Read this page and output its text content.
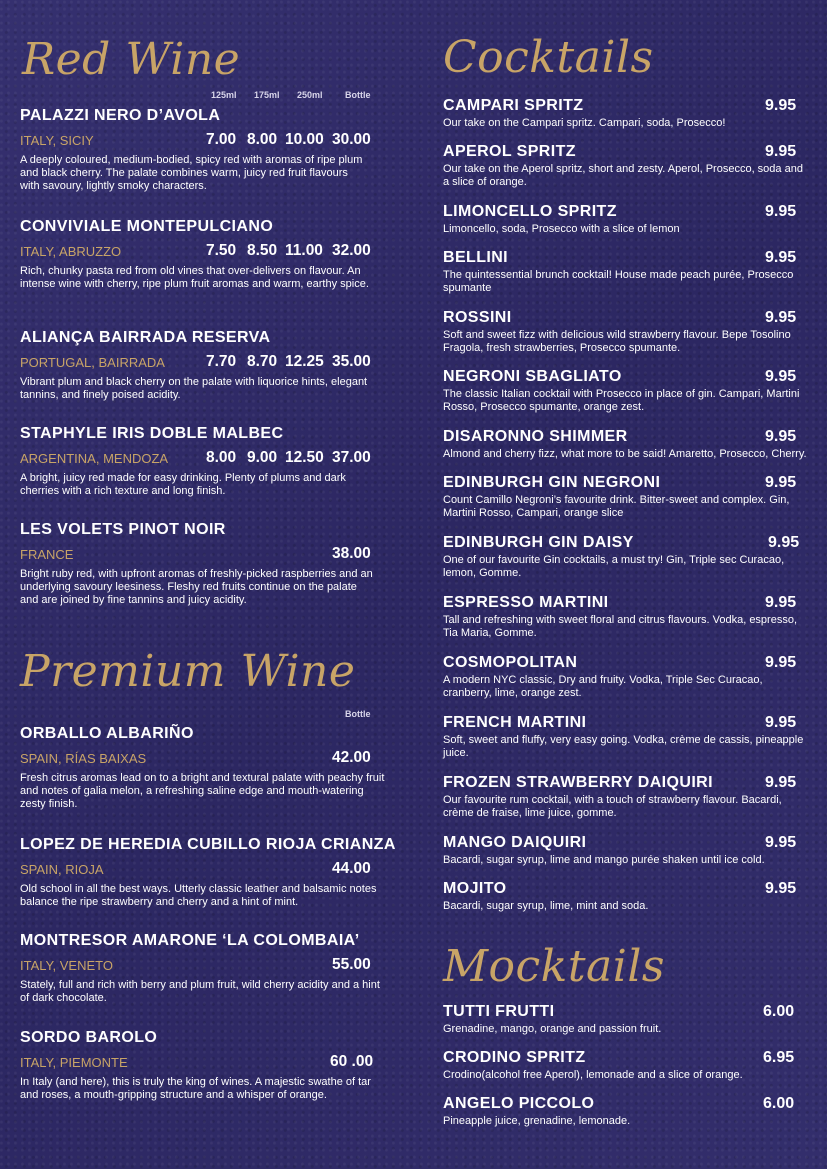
Red Wine
125ml 175ml 250ml Bottle
PALAZZI NERO D’AVOLA
ITALY, SICIY	7.00 8.00 10.00 30.00
A deeply coloured, medium-bodied, spicy red with aromas of ripe plum and black cherry. The palate combines warm, juicy red fruit flavours with savoury, lightly smoky characters.
CONVIVIALE MONTEPULCIANO
ITALY, ABRUZZO	7.50 8.50 11.00 32.00
Rich, chunky pasta red from old vines that over-delivers on flavour. An intense wine with cherry, ripe plum fruit aromas and warm, earthy spice.
ALIANÇA BAIRRADA RESERVA
PORTUGAL, BAIRRADA	7.70 8.70 12.25 35.00
Vibrant plum and black cherry on the palate with liquorice hints, elegant tannins, and finely poised acidity.
STAPHYLE IRIS DOBLE MALBEC
ARGENTINA, MENDOZA 8.00 9.00 12.50 37.00
A bright, juicy red made for easy drinking. Plenty of plums and dark cherries with a rich texture and long finish.
LES VOLETS PINOT NOIR
FRANCE	38.00
Bright ruby red, with upfront aromas of freshly-picked raspberries and an underlying savoury leesiness. Fleshy red fruits continue on the palate and are joined by fine tannins and juicy acidity.
Premium Wine
Bottle
ORBALLO ALBARIÑO
SPAIN, RÍAS BAIXAS	42.00
Fresh citrus aromas lead on to a bright and textural palate with peachy fruit and notes of galia melon, a refreshing saline edge and mouth-watering zesty finish.
LOPEZ DE HEREDIA CUBILLO RIOJA CRIANZA
SPAIN, RIOJA	44.00
Old school in all the best ways. Utterly classic leather and balsamic notes balance the ripe strawberry and cherry and a hint of mint.
MONTRESOR AMARONE ‘LA COLOMBAIA’
ITALY, VENETO	55.00
Stately, full and rich with berry and plum fruit, wild cherry acidity and a hint of dark chocolate.
SORDO BAROLO
ITALY, PIEMONTE	60 .00
In Italy (and here), this is truly the king of wines. A majestic swathe of tar and roses, a mouth-gripping structure and a whisper of orange.
Cocktails
CAMPARI SPRITZ	9.95
Our take on the Campari spritz. Campari, soda, Prosecco!
APEROL SPRITZ	9.95
Our take on the Aperol spritz, short and zesty. Aperol, Prosecco, soda and a slice of orange.
LIMONCELLO SPRITZ	9.95
Limoncello, soda, Prosecco with a slice of lemon
BELLINI	9.95
The quintessential brunch cocktail! House made peach purée, Prosecco spumante
ROSSINI	9.95
Soft and sweet fizz with delicious wild strawberry flavour. Bepe Tosolino Fragola, fresh strawberries, Prosecco spumante.
NEGRONI SBAGLIATO	9.95
The classic Italian cocktail with Prosecco in place of gin. Campari, Martini Rosso, Prosecco spumante, orange zest.
DISARONNO SHIMMER	9.95
Almond and cherry fizz, what more to be said! Amaretto, Prosecco, Cherry.
EDINBURGH GIN NEGRONI	9.95
Count Camillo Negroni’s favourite drink. Bitter-sweet and complex. Gin, Martini Rosso, Campari, orange slice
EDINBURGH GIN DAISY	9.95
One of our favourite Gin cocktails, a must try! Gin, Triple sec Curacao, lemon, Gomme.
ESPRESSO MARTINI	9.95
Tall and refreshing with sweet floral and citrus flavours. Vodka, espresso, Tia Maria, Gomme.
COSMOPOLITAN	9.95
A modern NYC classic, Dry and fruity. Vodka, Triple Sec Curacao, cranberry, lime, orange zest.
FRENCH MARTINI	9.95
Soft, sweet and fluffy, very easy going. Vodka, crème de cassis, pineapple juice.
FROZEN STRAWBERRY DAIQUIRI	9.95
Our favourite rum cocktail, with a touch of strawberry flavour. Bacardi, crème de fraise, lime juice, gomme.
MANGO DAIQUIRI	9.95
Bacardi, sugar syrup, lime and mango purée shaken until ice cold.
MOJITO	9.95
Bacardi, sugar syrup, lime, mint and soda.
Mocktails
TUTTI FRUTTI	6.00
Grenadine, mango, orange and passion fruit.
CRODINO SPRITZ	6.95
Crodino(alcohol free Aperol), lemonade and a slice of orange.
ANGELO PICCOLO	6.00
Pineapple juice, grenadine, lemonade.
